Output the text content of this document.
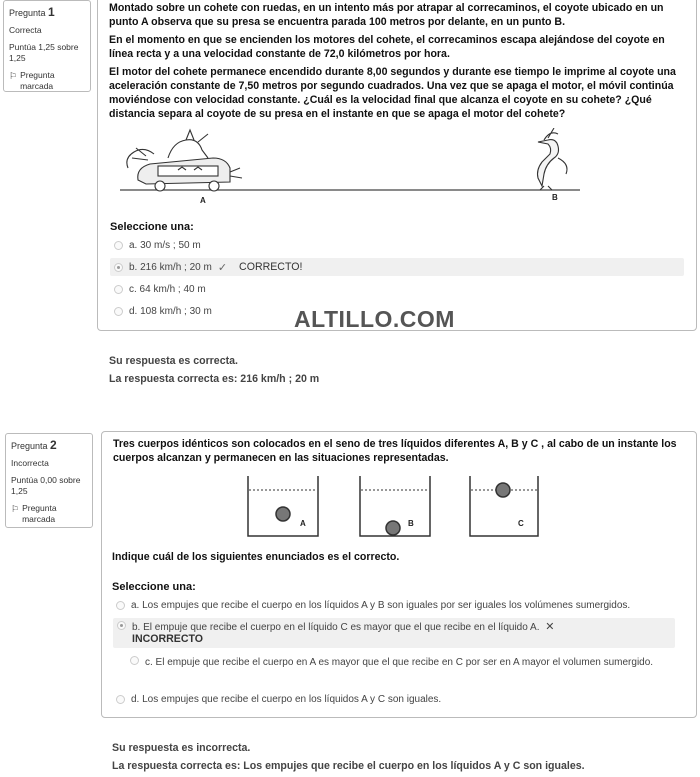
Pregunta 1
Correcta
Puntúa 1,25 sobre 1,25
⚐ Pregunta marcada
Montado sobre un cohete con ruedas, en un intento más por atrapar al correcaminos, el coyote ubicado en un punto A observa que su presa se encuentra parada 100 metros por delante, en un punto B.
En el momento en que se encienden los motores del cohete, el correcaminos escapa alejándose del coyote en línea recta y a una velocidad constante de 72,0 kilómetros por hora.
El motor del cohete permanece encendido durante 8,00 segundos y durante ese tiempo le imprime al coyote una aceleración constante de 7,50 metros por segundo cuadrados. Una vez que se apaga el motor, el móvil continúa moviéndose con velocidad constante. ¿Cuál es la velocidad final que alcanza el coyote en su cohete? ¿Qué distancia separa al coyote de su presa en el instante en que se apaga el motor del cohete?
A	B
Seleccione una:
a. 30 m/s ; 50 m
b. 216 km/h ; 20 m ✓ CORRECTO!
c. 64 km/h ; 40 m
d. 108 km/h ; 30 m	ALTILLO.COM
Su respuesta es correcta.
La respuesta correcta es: 216 km/h ; 20 m
Pregunta 2
Incorrecta
Puntúa 0,00 sobre 1,25
⚐ Pregunta marcada
Tres cuerpos idénticos son colocados en el seno de tres líquidos diferentes A, B y C , al cabo de un instante los cuerpos alcanzan y permanecen en las situaciones representadas.
A	B	C
Indique cuál de los siguientes enunciados es el correcto.
Seleccione una:
a. Los empujes que recibe el cuerpo en los líquidos A y B son iguales por ser iguales los volúmenes sumergidos.
b. El empuje que recibe el cuerpo en el líquido C es mayor que el que recibe en el líquido A. ✕
INCORRECTO
c. El empuje que recibe el cuerpo en A es mayor que el que recibe en C por ser en A mayor el volumen sumergido.
d. Los empujes que recibe el cuerpo en los líquidos A y C son iguales.
Su respuesta es incorrecta.
La respuesta correcta es: Los empujes que recibe el cuerpo en los líquidos A y C son iguales.
